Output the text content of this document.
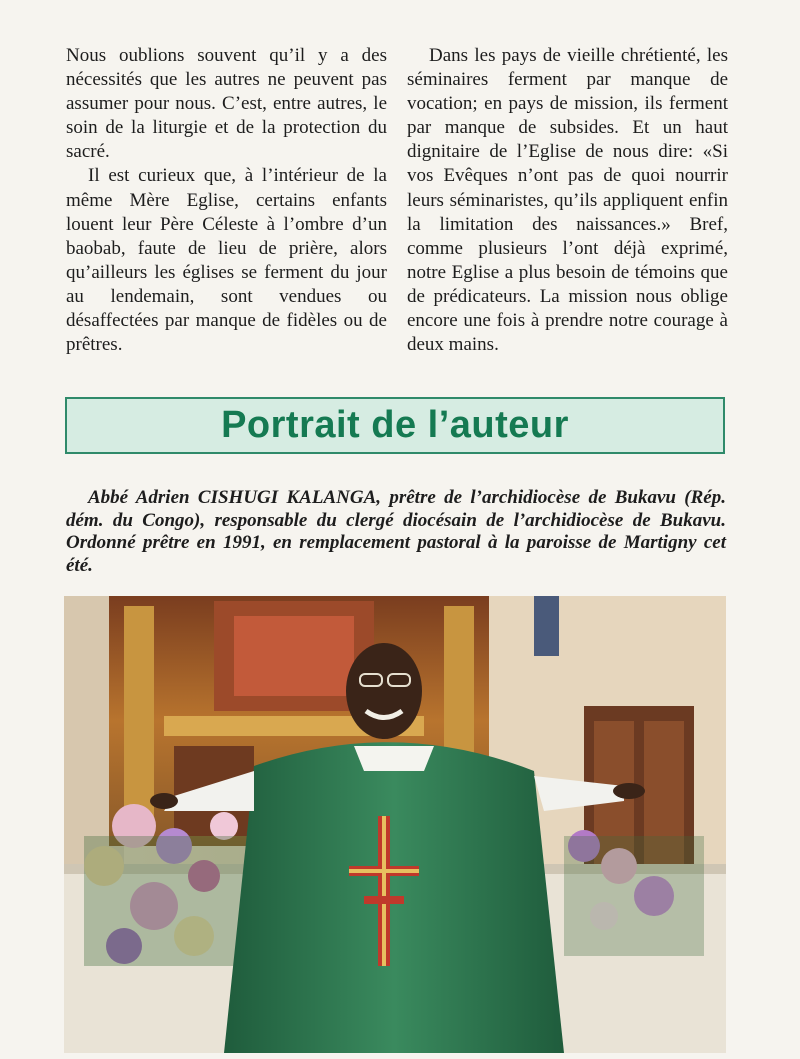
Nous oublions souvent qu’il y a des nécessités que les autres ne peuvent pas assumer pour nous. C’est, entre autres, le soin de la liturgie et de la protection du sacré.

Il est curieux que, à l’intérieur de la même Mère Eglise, certains enfants louent leur Père Céleste à l’ombre d’un baobab, faute de lieu de prière, alors qu’ailleurs les églises se ferment du jour au lendemain, sont vendues ou désaffectées par manque de fidèles ou de prêtres.

Dans les pays de vieille chrétienté, les séminaires ferment par manque de vocation; en pays de mission, ils ferment par manque de subsides. Et un haut dignitaire de l’Eglise de nous dire: «Si vos Evêques n’ont pas de quoi nourrir leurs séminaristes, qu’ils appliquent enfin la limitation des naissances.» Bref, comme plusieurs l’ont déjà exprimé, notre Eglise a plus besoin de témoins que de prédicateurs. La mission nous oblige encore une fois à prendre notre courage à deux mains.

Portrait de l’auteur
Abbé Adrien CISHUGI KALANGA, prêtre de l’archidiocèse de Bukavu (Rép. dém. du Congo), responsable du clergé diocésain de l’archidiocèse de Bukavu. Ordonné prêtre en 1991, en remplacement pastoral à la paroisse de Martigny cet été.
